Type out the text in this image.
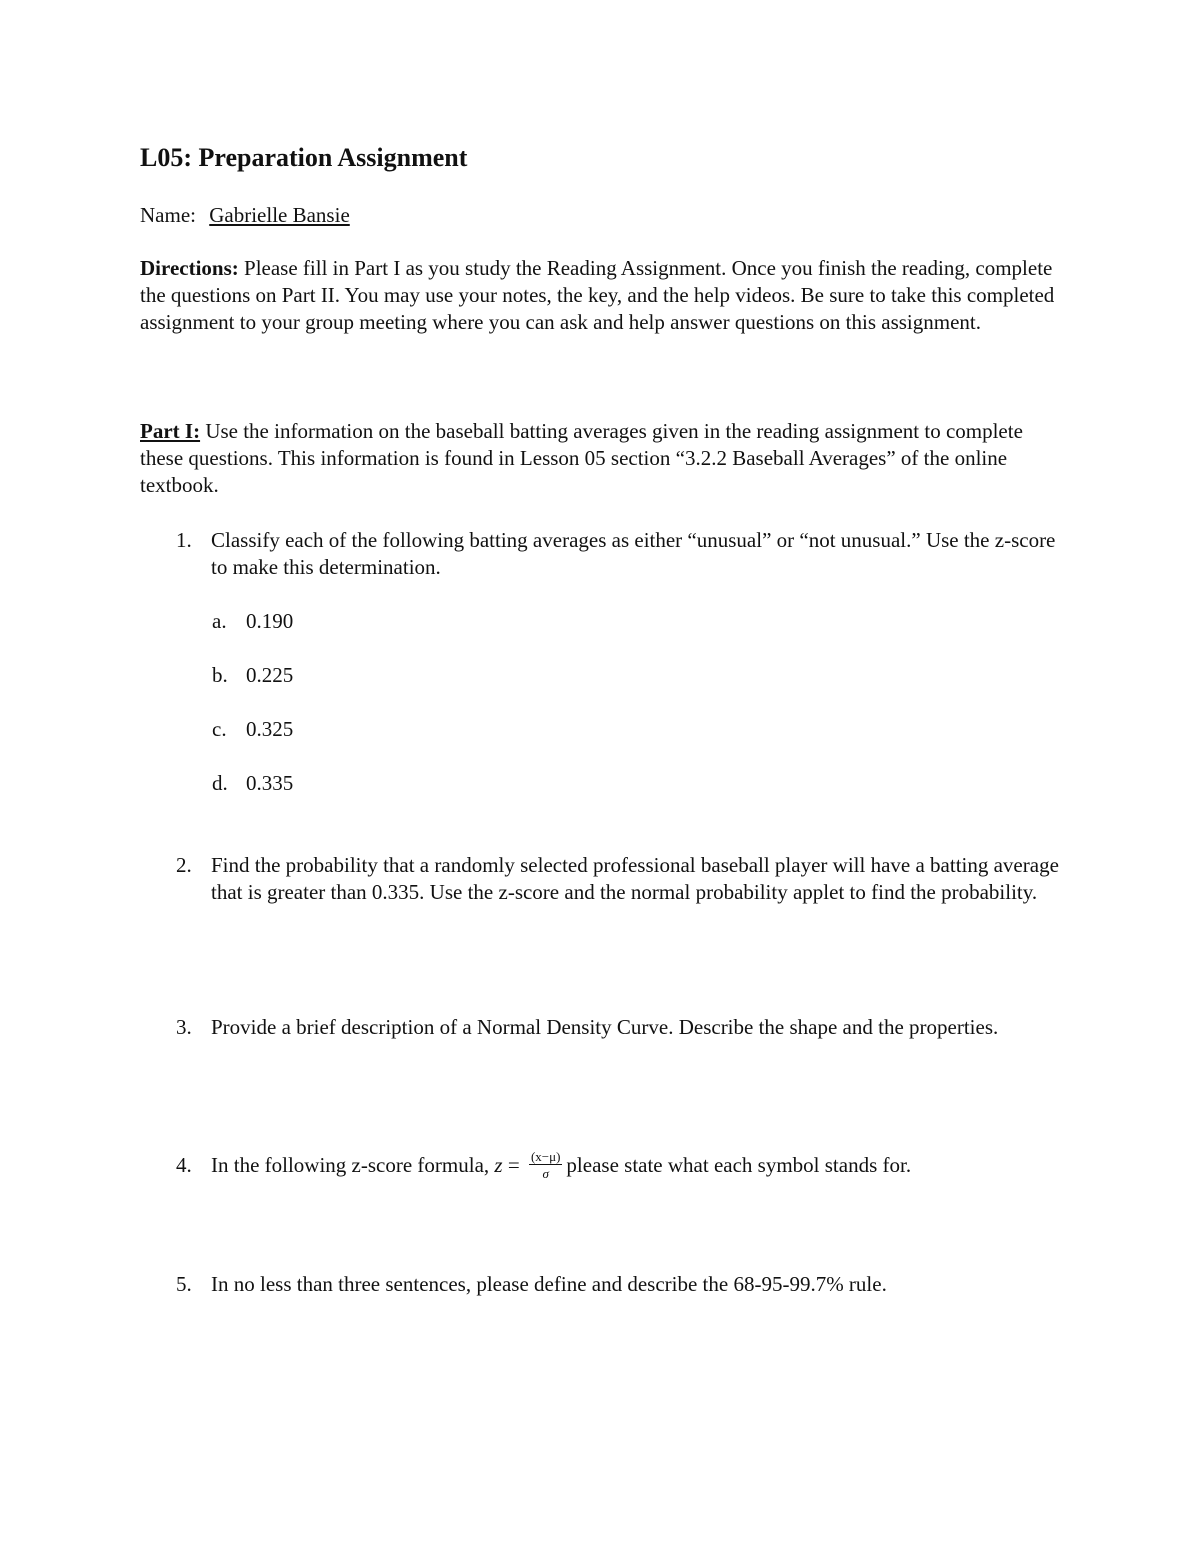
L05: Preparation Assignment
Name: Gabrielle Bansie
Directions: Please fill in Part I as you study the Reading Assignment. Once you finish the reading, complete the questions on Part II. You may use your notes, the key, and the help videos. Be sure to take this completed assignment to your group meeting where you can ask and help answer questions on this assignment.
Part I: Use the information on the baseball batting averages given in the reading assignment to complete these questions. This information is found in Lesson 05 section “3.2.2 Baseball Averages” of the online textbook.
1. Classify each of the following batting averages as either “unusual” or “not unusual.” Use the z-score to make this determination.
a. 0.190
b. 0.225
c. 0.325
d. 0.335
2. Find the probability that a randomly selected professional baseball player will have a batting average that is greater than 0.335. Use the z-score and the normal probability applet to find the probability.
3. Provide a brief description of a Normal Density Curve. Describe the shape and the properties.
4. In the following z-score formula, $z = \frac{(x-\mu)}{\sigma}$ please state what each symbol stands for.
5. In no less than three sentences, please define and describe the 68-95-99.7% rule.
